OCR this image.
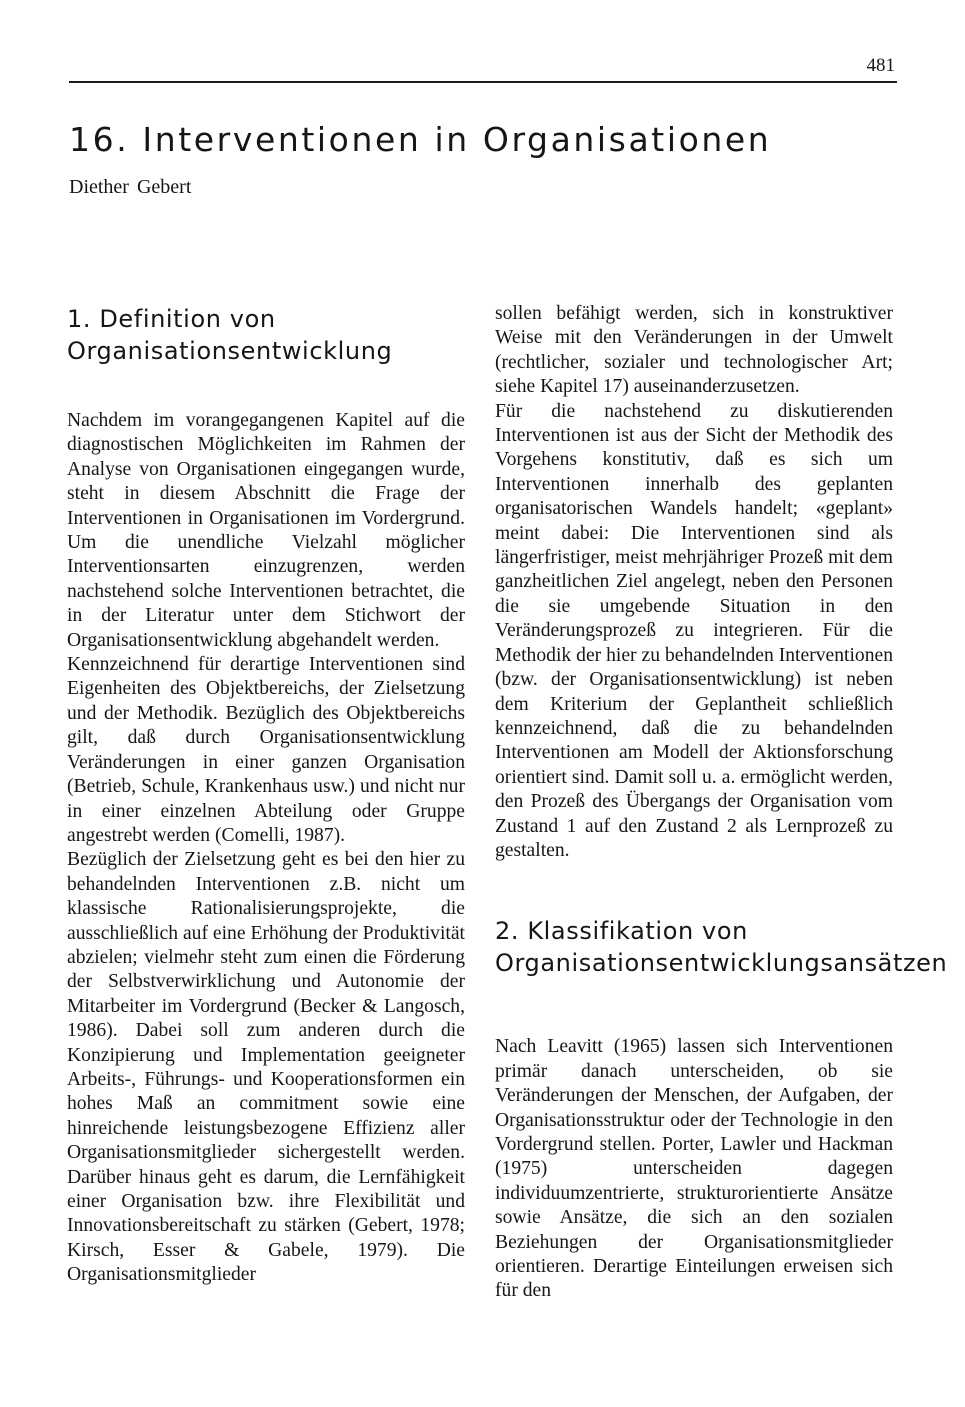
481
16. Interventionen in Organisationen
Diether Gebert
1. Definition von
Organisationsentwicklung

Nachdem im vorangegangenen Kapitel auf die diagnostischen Möglichkeiten im Rahmen der Analyse von Organisationen eingegangen wurde, steht in diesem Abschnitt die Frage der Interventionen in Organisationen im Vordergrund. Um die unendliche Vielzahl möglicher Interventionsarten einzugrenzen, werden nachstehend solche Interventionen betrachtet, die in der Literatur unter dem Stichwort der Organisationsentwicklung abgehandelt werden.

Kennzeichnend für derartige Interventionen sind Eigenheiten des Objektbereichs, der Zielsetzung und der Methodik. Bezüglich des Objektbereichs gilt, daß durch Organisationsentwicklung Veränderungen in einer ganzen Organisation (Betrieb, Schule, Krankenhaus usw.) und nicht nur in einer einzelnen Abteilung oder Gruppe angestrebt werden (Comelli, 1987).

Bezüglich der Zielsetzung geht es bei den hier zu behandelnden Interventionen z.B. nicht um klassische Rationalisierungsprojekte, die ausschließlich auf eine Erhöhung der Produktivität abzielen; vielmehr steht zum einen die Förderung der Selbstverwirklichung und Autonomie der Mitarbeiter im Vordergrund (Becker & Langosch, 1986). Dabei soll zum anderen durch die Konzipierung und Implementation geeigneter Arbeits-, Führungs- und Kooperationsformen ein hohes Maß an commitment sowie eine hinreichende leistungsbezogene Effizienz aller Organisationsmitglieder sichergestellt werden. Darüber hinaus geht es darum, die Lernfähigkeit einer Organisation bzw. ihre Flexibilität und Innovationsbereitschaft zu stärken (Gebert, 1978; Kirsch, Esser & Gabele, 1979). Die Organisationsmitglieder

sollen befähigt werden, sich in konstruktiver Weise mit den Veränderungen in der Umwelt (rechtlicher, sozialer und technologischer Art; siehe Kapitel 17) auseinanderzusetzen.

Für die nachstehend zu diskutierenden Interventionen ist aus der Sicht der Methodik des Vorgehens konstitutiv, daß es sich um Interventionen innerhalb des geplanten organisatorischen Wandels handelt; «geplant» meint dabei: Die Interventionen sind als längerfristiger, meist mehrjähriger Prozeß mit dem ganzheitlichen Ziel angelegt, neben den Personen die sie umgebende Situation in den Veränderungsprozeß zu integrieren. Für die Methodik der hier zu behandelnden Interventionen (bzw. der Organisationsentwicklung) ist neben dem Kriterium der Geplantheit schließlich kennzeichnend, daß die zu behandelnden Interventionen am Modell der Aktionsforschung orientiert sind. Damit soll u. a. ermöglicht werden, den Prozeß des Übergangs der Organisation vom Zustand 1 auf den Zustand 2 als Lernprozeß zu gestalten.

2. Klassifikation von
Organisationsentwicklungsansätzen

Nach Leavitt (1965) lassen sich Interventionen primär danach unterscheiden, ob sie Veränderungen der Menschen, der Aufgaben, der Organisationsstruktur oder der Technologie in den Vordergrund stellen. Porter, Lawler und Hackman (1975) unterscheiden dagegen individuumzentrierte, strukturorientierte Ansätze sowie Ansätze, die sich an den sozialen Beziehungen der Organisationsmitglieder orientieren. Derartige Einteilungen erweisen sich für den
